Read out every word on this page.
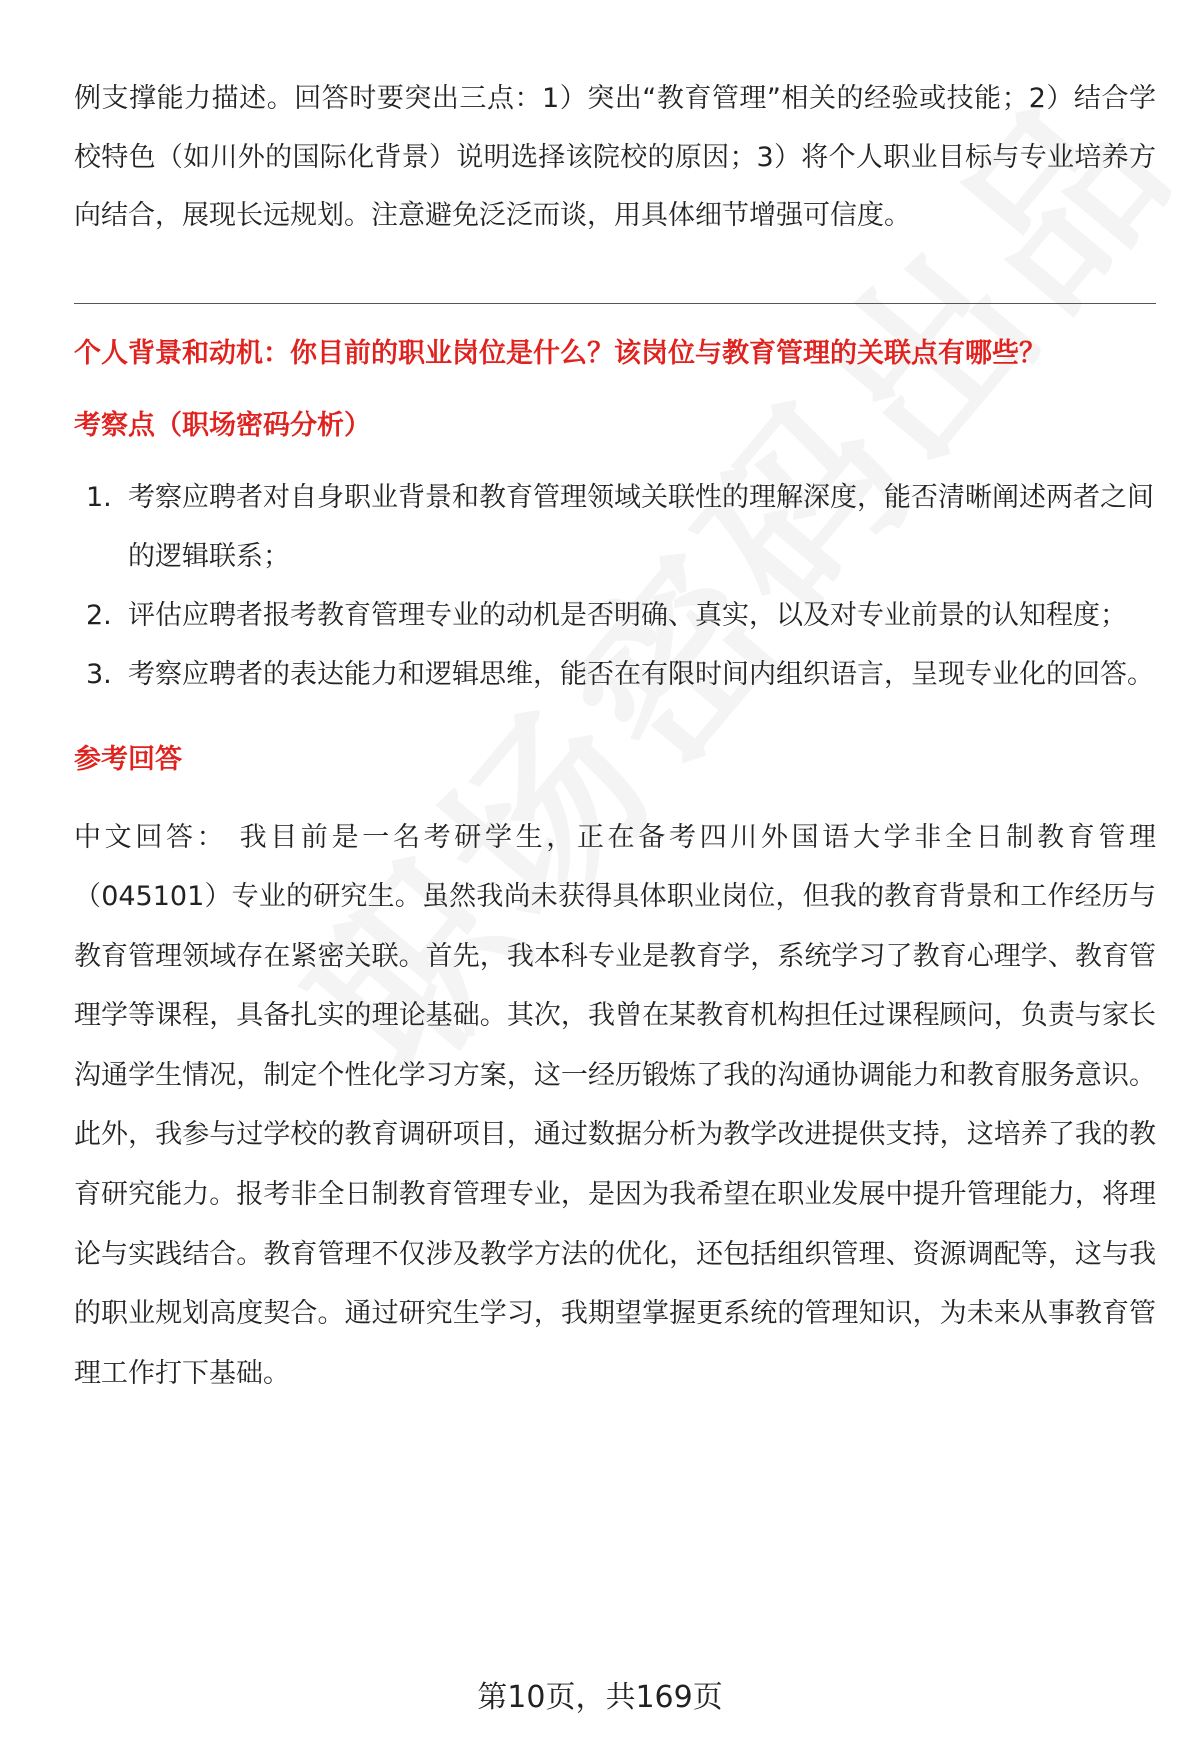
例支撑能力描述。回答时要突出三点：1）突出“教育管理”相关的经验或技能；2）结合学校特色（如川外的国际化背景）说明选择该院校的原因；3）将个人职业目标与专业培养方向结合，展现长远规划。注意避免泛泛而谈，用具体细节增强可信度。

个人背景和动机：你目前的职业岗位是什么？该岗位与教育管理的关联点有哪些？
考察点（职场密码分析）
1. 考察应聘者对自身职业背景和教育管理领域关联性的理解深度，能否清晰阐述两者之间的逻辑联系；
2. 评估应聘者报考教育管理专业的动机是否明确、真实，以及对专业前景的认知程度；
3. 考察应聘者的表达能力和逻辑思维，能否在有限时间内组织语言，呈现专业化的回答。
参考回答

中文回答： 我目前是一名考研学生，正在备考四川外国语大学非全日制教育管理（045101）专业的研究生。虽然我尚未获得具体职业岗位，但我的教育背景和工作经历与教育管理领域存在紧密关联。首先，我本科专业是教育学，系统学习了教育心理学、教育管理学等课程，具备扎实的理论基础。其次，我曾在某教育机构担任过课程顾问，负责与家长沟通学生情况，制定个性化学习方案，这一经历锻炼了我的沟通协调能力和教育服务意识。此外，我参与过学校的教育调研项目，通过数据分析为教学改进提供支持，这培养了我的教育研究能力。报考非全日制教育管理专业，是因为我希望在职业发展中提升管理能力，将理论与实践结合。教育管理不仅涉及教学方法的优化，还包括组织管理、资源调配等，这与我的职业规划高度契合。通过研究生学习，我期望掌握更系统的管理知识，为未来从事教育管理工作打下基础。

第10页，共169页
